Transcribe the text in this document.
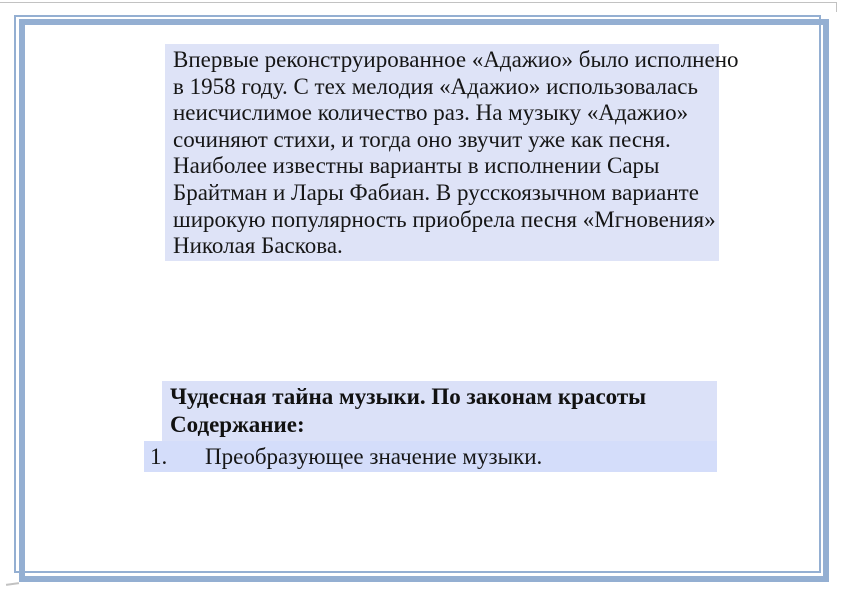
Впервые реконструированное «Адажио» было исполнено
в 1958 году. С тех мелодия «Адажио» использовалась
неисчислимое количество раз. На музыку «Адажио»
сочиняют стихи, и тогда оно звучит уже как песня.
Наиболее известны варианты в исполнении Сары
Брайтман и Лары Фабиан. В русскоязычном варианте
широкую популярность приобрела песня «Мгновения»
Николая Баскова.
Чудесная тайна музыки. По законам красоты
Содержание:
1.	Преобразующее значение музыки.
